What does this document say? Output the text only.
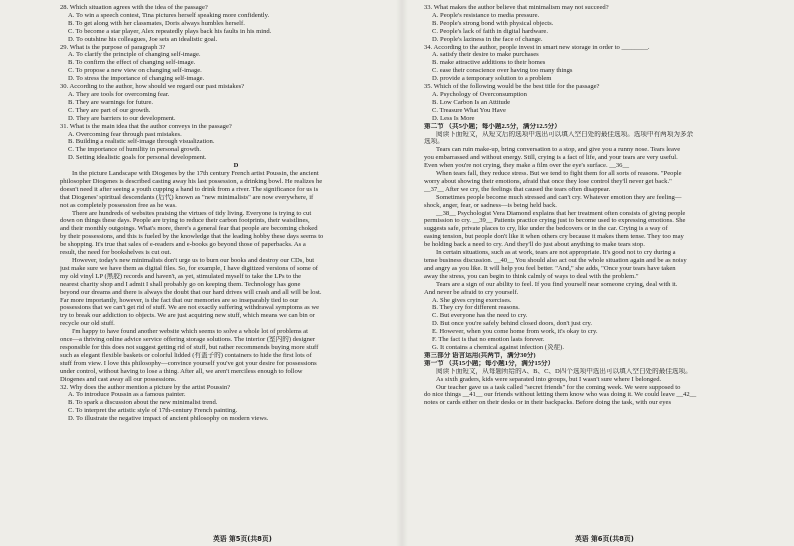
28. Which situation agrees with the idea of the passage?
A. To win a speech contest, Tina pictures herself speaking more confidently.
B. To get along with her classmates, Doris always humbles herself.
C. To become a star player, Alex repeatedly plays back his faults in his mind.
D. To outshine his colleagues, Joe sets an idealistic goal.
29. What is the purpose of paragraph 3?
A. To clarify the principle of changing self-image.
B. To confirm the effect of changing self-image.
C. To propose a new view on changing self-image.
D. To stress the importance of changing self-image.
30. According to the author, how should we regard our past mistakes?
A. They are tools for overcoming fear.
B. They are warnings for future.
C. They are part of our growth.
D. They are barriers to our development.
31. What is the main idea that the author conveys in the passage?
A. Overcoming fear through past mistakes.
B. Building a realistic self-image through visualization.
C. The importance of humility in personal growth.
D. Setting idealistic goals for personal development.
D
In the picture Landscape with Diogenes by the 17th century French artist Poussin, the ancient
philosopher Diogenes is described casting away his last possession, a drinking bowl. He realizes he
doesn't need it after seeing a youth cupping a hand to drink from a river. The significance for us is
that Diogenes' spiritual descendants (后代) known as "new minimalists" are now everywhere, if
not as completely possession free as he was.
There are hundreds of websites praising the virtues of tidy living. Everyone is trying to cut
down on things these days. People are trying to reduce their carbon footprints, their waistlines,
and their monthly outgoings. What's more, there's a general fear that people are becoming choked
by their possessions, and this is fueled by the knowledge that the leading hobby these days seems to
be shopping. It's true that sales of e-readers and e-books go beyond those of paperbacks. As a
result, the need for bookshelves is cut out.
However, today's new minimalists don't urge us to burn our books and destroy our CDs, but
just make sure we have them as digital files. So, for example, I have digitized versions of some of
my old vinyl LP (黑胶) records and haven't, as yet, stimulated myself to take the LPs to the
nearest charity shop and I admit I shall probably go on keeping them. Technology has gone
beyond our dreams and there is always the doubt that our hard drives will crash and all will be lost.
Far more importantly, however, is the fact that our memories are so inseparably tied to our
possessions that we can't get rid of stuff. We are not exactly suffering withdrawal symptoms as we
try to break our addiction to objects. We are just acquiring new stuff, which means we can bin or
recycle our old stuff.
I'm happy to have found another website which seems to solve a whole lot of problems at
once—a thriving online advice service offering storage solutions. The interior (室内的) designer
responsible for this does not suggest getting rid of stuff, but rather recommends buying more stuff
such as elegant flexible baskets or colorful lidded (有盖子的) containers to hide the first lots of
stuff from view. I love this philosophy—convince yourself you've got your desire for possessions
under control, without having to lose a thing. After all, we aren't merciless enough to follow
Diogenes and cast away all our possessions.
32. Why does the author mention a picture by the artist Poussin?
A. To introduce Poussin as a famous painter.
B. To spark a discussion about the new minimalist trend.
C. To interpret the artistic style of 17th-century French painting.
D. To illustrate the negative impact of ancient philosophy on modern views.
33. What makes the author believe that minimalism may not succeed?
A. People's resistance to media pressure.
B. People's strong bond with physical objects.
C. People's lack of faith in digital hardware.
D. People's laziness in the face of change.
34. According to the author, people invest in smart new storage in order to ________.
A. satisfy their desire to make purchases
B. make attractive additions to their homes
C. ease their conscience over having too many things
D. provide a temporary solution to a problem
35. Which of the following would be the best title for the passage?
A. Psychology of Overconsumption
B. Low Carbon Is an Attitude
C. Treasure What You Have
D. Less Is More
第二节 （共5小题；每小题2.5分，满分12.5分）
阅读下面短文，从短文后的选项中选出可以填入空白处的最佳选项。选项中有两项为多余
选项。
Tears can ruin make-up, bring conversation to a stop, and give you a runny nose. Tears leave
you embarrassed and without energy. Still, crying is a fact of life, and your tears are very useful.
Even when you're not crying, they make a film over the eye's surface. __36__
When tears fall, they reduce stress. But we tend to fight them for all sorts of reasons. "People
worry about showing their emotions, afraid that once they lose control they'll never get back."
__37__ After we cry, the feelings that caused the tears often disappear.
Sometimes people become much stressed and can't cry. Whatever emotion they are feeling—
shock, anger, fear, or sadness—is being held back.
__38__ Psychologist Vera Diamond explains that her treatment often consists of giving people
permission to cry. __39__ Patients practice crying just to become used to expressing emotions. She
suggests safe, private places to cry, like under the bedcovers or in the car. Crying is a way of
easing tension, but people don't like it when others cry because it makes them tense. They too may
be holding back a need to cry. And they'll do just about anything to make tears stop.
In certain situations, such as at work, tears are not appropriate. It's good not to cry during a
tense business discussion. __40__ You should also act out the whole situation again and be as noisy
and angry as you like. It will help you feel better. "And," she adds, "Once your tears have taken
away the stress, you can begin to think calmly of ways to deal with the problem."
Tears are a sign of our ability to feel. If you find yourself near someone crying, deal with it.
And never be afraid to cry yourself.
A. She gives crying exercises.
B. They cry for different reasons.
C. But everyone has the need to cry.
D. But once you're safely behind closed doors, don't just cry.
E. However, when you come home from work, it's okay to cry.
F. The fact is that no emotion lasts forever.
G. It contains a chemical against infection (炎症).
第三部分 语言运用(共两节，满分30分)
第一节 （共15小题；每小题1分，满分15分）
阅读下面短文，从每题所给的A、B、C、D四个选项中选出可以填入空白处的最佳选项。
As sixth graders, kids were separated into groups, but I wasn't sure where I belonged.
Our teacher gave us a task called "secret friends" for the coming week. We were supposed to
do nice things __41__ our friends without letting them know who was doing it. We could leave __42__
notes or cards either on their desks or in their backpacks. Before doing the task, with our eyes
英语 第5页(共8页)	英语 第6页(共8页)
